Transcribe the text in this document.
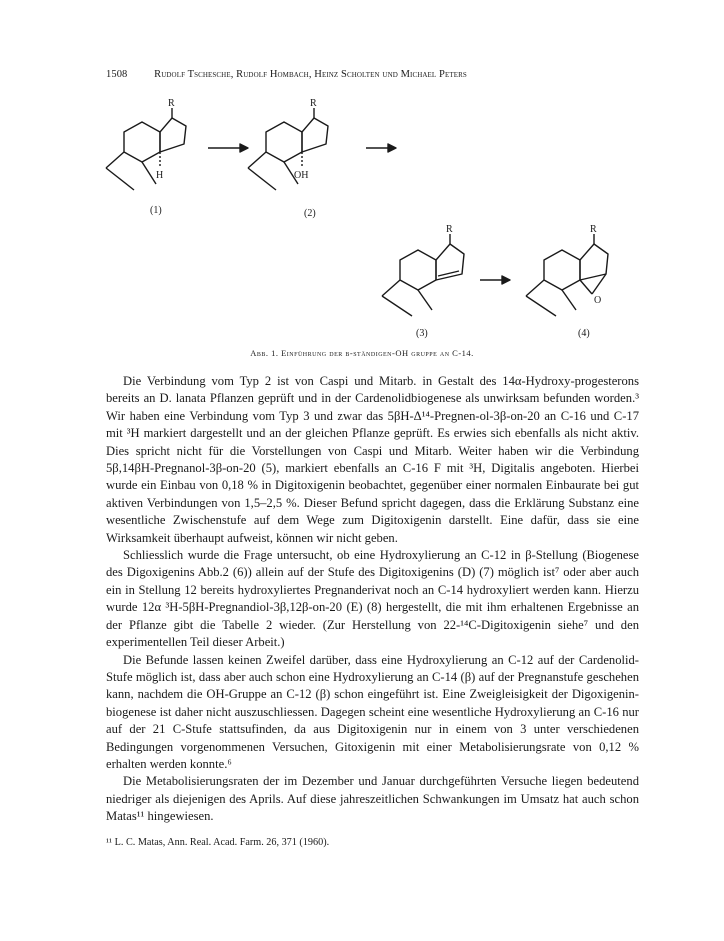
1508	Rudolf Tschesche, Rudolf Hombach, Heinz Scholten und Michael Peters
R	R
R	R
H	OH
O
(1)	(2)
(3)	(4)
Abb. 1. Einführung der β-ständigen-OH gruppe an C-14.

Die Verbindung vom Typ 2 ist von Caspi und Mitarb. in Gestalt des 14α-Hydroxy-progesterons bereits an D. lanata Pflanzen geprüft und in der Cardenolidbiogenese als unwirksam befunden worden.³ Wir haben eine Verbindung vom Typ 3 und zwar das 5βH-Δ¹⁴-Pregnen-ol-3β-on-20 an C-16 und C-17 mit ³H markiert dargestellt und an der gleichen Pflanze geprüft. Es erwies sich ebenfalls als nicht aktiv. Dies spricht nicht für die Vorstellungen von Caspi und Mitarb. Weiter haben wir die Verbindung 5β,14βH-Pregnanol-3β-on-20 (5), markiert ebenfalls an C-16 F mit ³H, Digitalis angeboten. Hierbei wurde ein Einbau von 0,18 % in Digitoxigenin beobachtet, gegenüber einer normalen Einbaurate bei gut aktiven Verbindungen von 1,5–2,5 %. Dieser Befund spricht dagegen, dass die Erklärung Substanz eine wesentliche Zwischenstufe auf dem Wege zum Digitoxigenin darstellt. Eine dafür, dass sie eine Wirksamkeit überhaupt aufweist, können wir nicht geben.

Schliesslich wurde die Frage untersucht, ob eine Hydroxylierung an C-12 in β-Stellung (Biogenese des Digoxigenins Abb.2 (6)) allein auf der Stufe des Digitoxigenins (D) (7) möglich ist⁷ oder aber auch ein in Stellung 12 bereits hydroxyliertes Pregnanderivat noch an C-14 hydroxyliert werden kann. Hierzu wurde 12α ³H-5βH-Pregnandiol-3β,12β-on-20 (E) (8) hergestellt, die mit ihm erhaltenen Ergebnisse an der Pflanze gibt die Tabelle 2 wieder. (Zur Herstellung von 22-¹⁴C-Digitoxigenin siehe⁷ und den experimentellen Teil dieser Arbeit.)

Die Befunde lassen keinen Zweifel darüber, dass eine Hydroxylierung an C-12 auf der Cardenolid-Stufe möglich ist, dass aber auch schon eine Hydroxylierung an C-14 (β) auf der Pregnanstufe geschehen kann, nachdem die OH-Gruppe an C-12 (β) schon eingeführt ist. Eine Zweigleisigkeit der Digoxigenin-biogenese ist daher nicht auszuschliessen. Dagegen scheint eine wesentliche Hydroxylierung an C-16 nur auf der 21 C-Stufe stattsufinden, da aus Digitoxigenin nur in einem von 3 unter verschiedenen Bedingungen vorgenommenen Versuchen, Gitoxigenin mit einer Metabolisierungsrate von 0,12 % erhalten werden konnte.⁶

Die Metabolisierungsraten der im Dezember und Januar durchgeführten Versuche liegen bedeutend niedriger als diejenigen des Aprils. Auf diese jahreszeitlichen Schwankungen im Umsatz hat auch schon Matas¹¹ hingewiesen.

¹¹ L. C. Matas, Ann. Real. Acad. Farm. 26, 371 (1960).
